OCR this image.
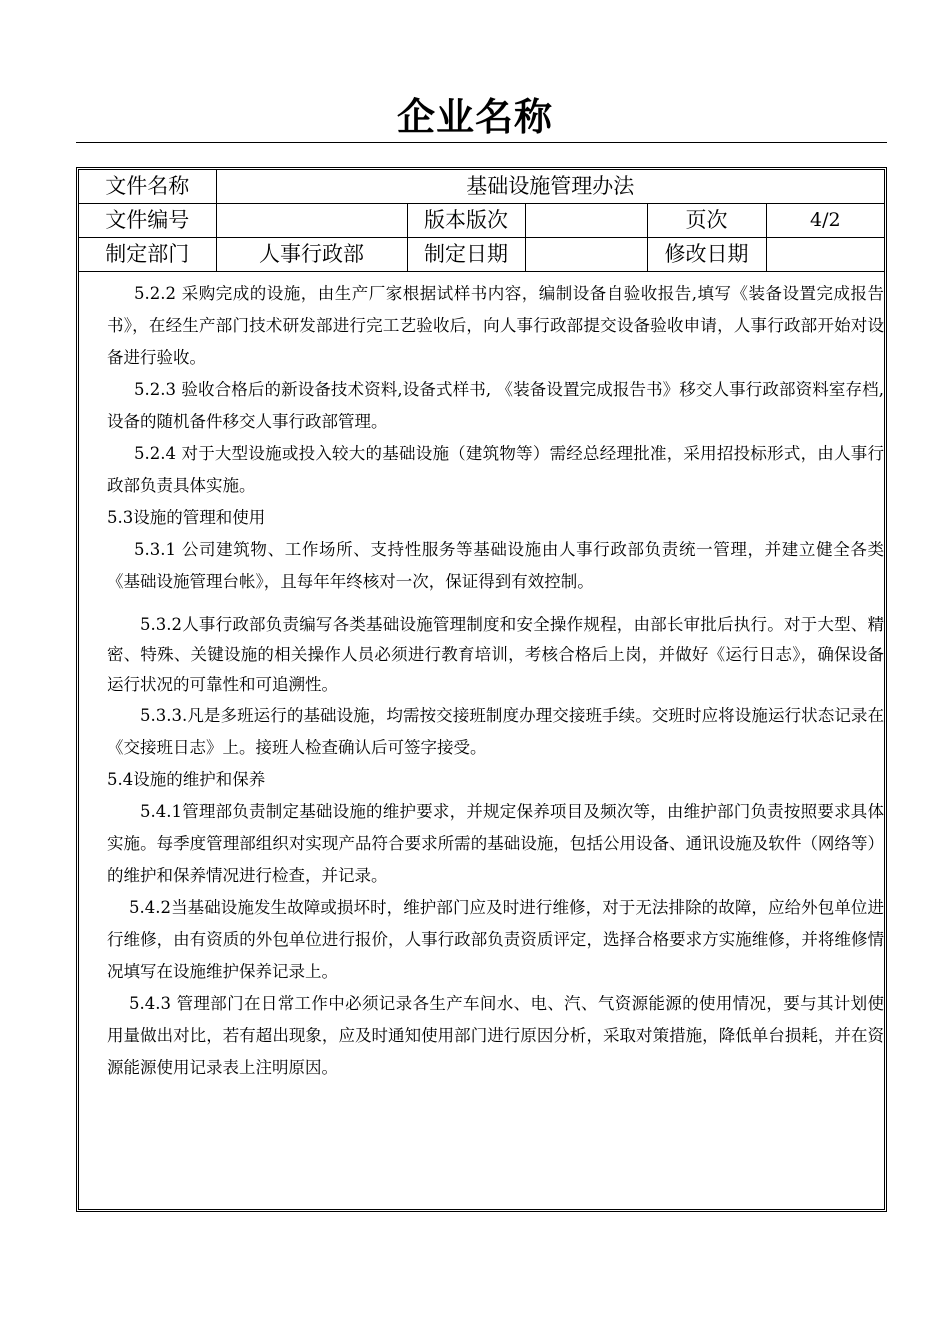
企业名称
文件名称	基础设施管理办法				
文件编号		版本版次		页次	4/2
制定部门	人事行政部	制定日期		修改日期	

5.2.2 采购完成的设施，由生产厂家根据试样书内容，编制设备自验收报告,填写《装备设置完成报告书》，在经生产部门技术研发部进行完工艺验收后，向人事行政部提交设备验收申请，人事行政部开始对设备进行验收。

5.2.3 验收合格后的新设备技术资料,设备式样书, 《装备设置完成报告书》移交人事行政部资料室存档,设备的随机备件移交人事行政部管理。

5.2.4 对于大型设施或投入较大的基础设施（建筑物等）需经总经理批准，采用招投标形式，由人事行政部负责具体实施。

5.3设施的管理和使用

5.3.1 公司建筑物、工作场所、支持性服务等基础设施由人事行政部负责统一管理，并建立健全各类《基础设施管理台帐》，且每年年终核对一次，保证得到有效控制。

5.3.2人事行政部负责编写各类基础设施管理制度和安全操作规程，由部长审批后执行。对于大型、精密、特殊、关键设施的相关操作人员必须进行教育培训，考核合格后上岗，并做好《运行日志》，确保设备运行状况的可靠性和可追溯性。

5.3.3.凡是多班运行的基础设施，均需按交接班制度办理交接班手续。交班时应将设施运行状态记录在《交接班日志》上。接班人检查确认后可签字接受。

5.4设施的维护和保养

5.4.1管理部负责制定基础设施的维护要求，并规定保养项目及频次等，由维护部门负责按照要求具体实施。每季度管理部组织对实现产品符合要求所需的基础设施，包括公用设备、通讯设施及软件（网络等）的维护和保养情况进行检查，并记录。

5.4.2当基础设施发生故障或损坏时，维护部门应及时进行维修，对于无法排除的故障，应给外包单位进行维修，由有资质的外包单位进行报价，人事行政部负责资质评定，选择合格要求方实施维修，并将维修情况填写在设施维护保养记录上。

5.4.3 管理部门在日常工作中必须记录各生产车间水、电、汽、气资源能源的使用情况，要与其计划使用量做出对比，若有超出现象，应及时通知使用部门进行原因分析，采取对策措施，降低单台损耗，并在资源能源使用记录表上注明原因。
